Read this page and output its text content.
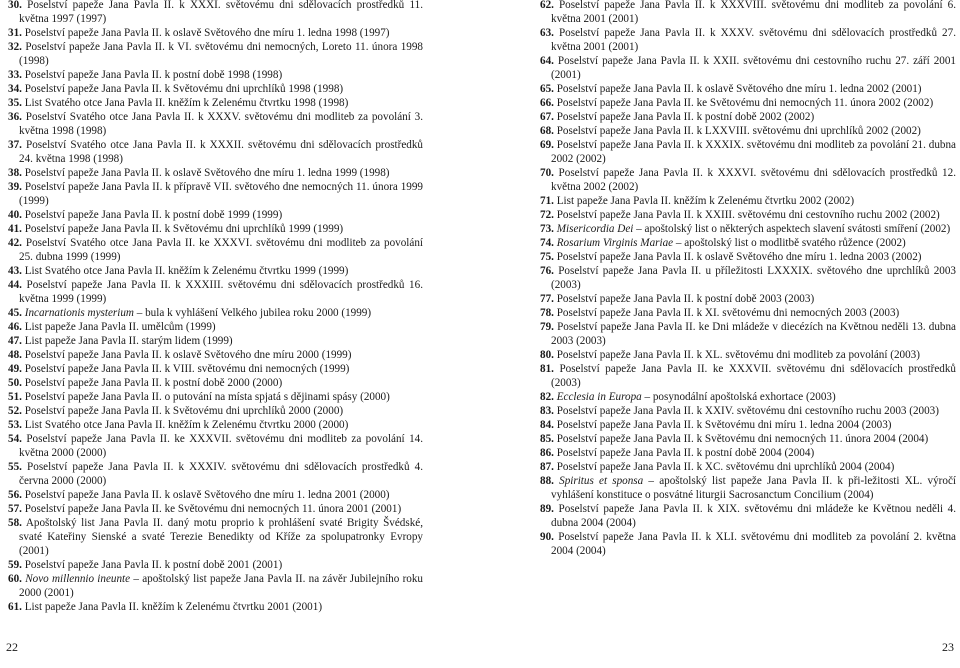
30. Poselství papeže Jana Pavla II. k XXXI. světovému dni sdělovacích prostředků 11. května 1997 (1997)
31. Poselství papeže Jana Pavla II. k oslavě Světového dne míru 1. ledna 1998 (1997)
32. Poselství papeže Jana Pavla II. k VI. světovému dni nemocných, Loreto 11. února 1998 (1998)
33. Poselství papeže Jana Pavla II. k postní době 1998 (1998)
34. Poselství papeže Jana Pavla II. k Světovému dni uprchlíků 1998 (1998)
35. List Svatého otce Jana Pavla II. kněžím k Zelenému čtvrtku 1998 (1998)
36. Poselství Svatého otce Jana Pavla II. k XXXV. světovému dni modliteb za povolání 3. května 1998 (1998)
37. Poselství Svatého otce Jana Pavla II. k XXXII. světovému dni sdělovacích prostředků 24. května 1998 (1998)
38. Poselství papeže Jana Pavla II. k oslavě Světového dne míru 1. ledna 1999 (1998)
39. Poselství papeže Jana Pavla II. k přípravě VII. světového dne nemocných 11. února 1999 (1999)
40. Poselství papeže Jana Pavla II. k postní době 1999 (1999)
41. Poselství papeže Jana Pavla II. k Světovému dni uprchlíků 1999 (1999)
42. Poselství Svatého otce Jana Pavla II. ke XXXVI. světovému dni modliteb za povolání 25. dubna 1999 (1999)
43. List Svatého otce Jana Pavla II. kněžím k Zelenému čtvrtku 1999 (1999)
44. Poselství papeže Jana Pavla II. k XXXIII. světovému dni sdělovacích prostředků 16. května 1999 (1999)
45. Incarnationis mysterium – bula k vyhlášení Velkého jubilea roku 2000 (1999)
46. List papeže Jana Pavla II. umělcům (1999)
47. List papeže Jana Pavla II. starým lidem (1999)
48. Poselství papeže Jana Pavla II. k oslavě Světového dne míru 2000 (1999)
49. Poselství papeže Jana Pavla II. k VIII. světovému dni nemocných (1999)
50. Poselství papeže Jana Pavla II. k postní době 2000 (2000)
51. Poselství papeže Jana Pavla II. o putování na místa spjatá s dějinami spásy (2000)
52. Poselství papeže Jana Pavla II. k Světovému dni uprchlíků 2000 (2000)
53. List Svatého otce Jana Pavla II. kněžím k Zelenému čtvrtku 2000 (2000)
54. Poselství papeže Jana Pavla II. ke XXXVII. světovému dni modliteb za povolání 14. května 2000 (2000)
55. Poselství papeže Jana Pavla II. k XXXIV. světovému dni sdělovacích prostředků 4. června 2000 (2000)
56. Poselství papeže Jana Pavla II. k oslavě Světového dne míru 1. ledna 2001 (2000)
57. Poselství papeže Jana Pavla II. ke Světovému dni nemocných 11. února 2001 (2001)
58. Apoštolský list Jana Pavla II. daný motu proprio k prohlášení svaté Brigity Švédské, svaté Kateřiny Sienské a svaté Terezie Benedikty od Kříže za spolupatronky Evropy (2001)
59. Poselství papeže Jana Pavla II. k postní době 2001 (2001)
60. Novo millennio ineunte – apoštolský list papeže Jana Pavla II. na závěr Jubilejního roku 2000 (2001)
61. List papeže Jana Pavla II. kněžím k Zelenému čtvrtku 2001 (2001)
62. Poselství papeže Jana Pavla II. k XXXVIII. světovému dni modliteb za povolání 6. května 2001 (2001)
63. Poselství papeže Jana Pavla II. k XXXV. světovému dni sdělovacích prostředků 27. května 2001 (2001)
64. Poselství papeže Jana Pavla II. k XXII. světovému dni cestovního ruchu 27. září 2001 (2001)
65. Poselství papeže Jana Pavla II. k oslavě Světového dne míru 1. ledna 2002 (2001)
66. Poselství papeže Jana Pavla II. ke Světovému dni nemocných 11. února 2002 (2002)
67. Poselství papeže Jana Pavla II. k postní době 2002 (2002)
68. Poselství papeže Jana Pavla II. k LXXVIII. světovému dni uprchlíků 2002 (2002)
69. Poselství papeže Jana Pavla II. k XXXIX. světovému dni modliteb za povolání 21. dubna 2002 (2002)
70. Poselství papeže Jana Pavla II. k XXXVI. světovému dni sdělovacích prostředků 12. května 2002 (2002)
71. List papeže Jana Pavla II. kněžím k Zelenému čtvrtku 2002 (2002)
72. Poselství papeže Jana Pavla II. k XXIII. světovému dni cestovního ruchu 2002 (2002)
73. Misericordia Dei – apoštolský list o některých aspektech slavení svátosti smíření (2002)
74. Rosarium Virginis Mariae – apoštolský list o modlitbě svatého růžence (2002)
75. Poselství papeže Jana Pavla II. k oslavě Světového dne míru 1. ledna 2003 (2002)
76. Poselství papeže Jana Pavla II. u příležitosti LXXXIX. světového dne uprchlíků 2003 (2003)
77. Poselství papeže Jana Pavla II. k postní době 2003 (2003)
78. Poselství papeže Jana Pavla II. k XI. světovému dni nemocných 2003 (2003)
79. Poselství papeže Jana Pavla II. ke Dni mládeže v diecézích na Květnou neděli 13. dubna 2003 (2003)
80. Poselství papeže Jana Pavla II. k XL. světovému dni modliteb za povolání (2003)
81. Poselství papeže Jana Pavla II. ke XXXVII. světovému dni sdělovacích prostředků (2003)
82. Ecclesia in Europa – posynodální apoštolská exhortace (2003)
83. Poselství papeže Jana Pavla II. k XXIV. světovému dni cestovního ruchu 2003 (2003)
84. Poselství papeže Jana Pavla II. k Světovému dni míru 1. ledna 2004 (2003)
85. Poselství papeže Jana Pavla II. k Světovému dni nemocných 11. února 2004 (2004)
86. Poselství papeže Jana Pavla II. k postní době 2004 (2004)
87. Poselství papeže Jana Pavla II. k XC. světovému dni uprchlíků 2004 (2004)
88. Spiritus et sponsa – apoštolský list papeže Jana Pavla II. k při-ležitosti XL. výročí vyhlášení konstituce o posvátné liturgii Sacrosanctum Concilium (2004)
89. Poselství papeže Jana Pavla II. k XIX. světovému dni mládeže ke Květnou neděli 4. dubna 2004 (2004)
90. Poselství papeže Jana Pavla II. k XLI. světovému dni modliteb za povolání 2. května 2004 (2004)
22	23
